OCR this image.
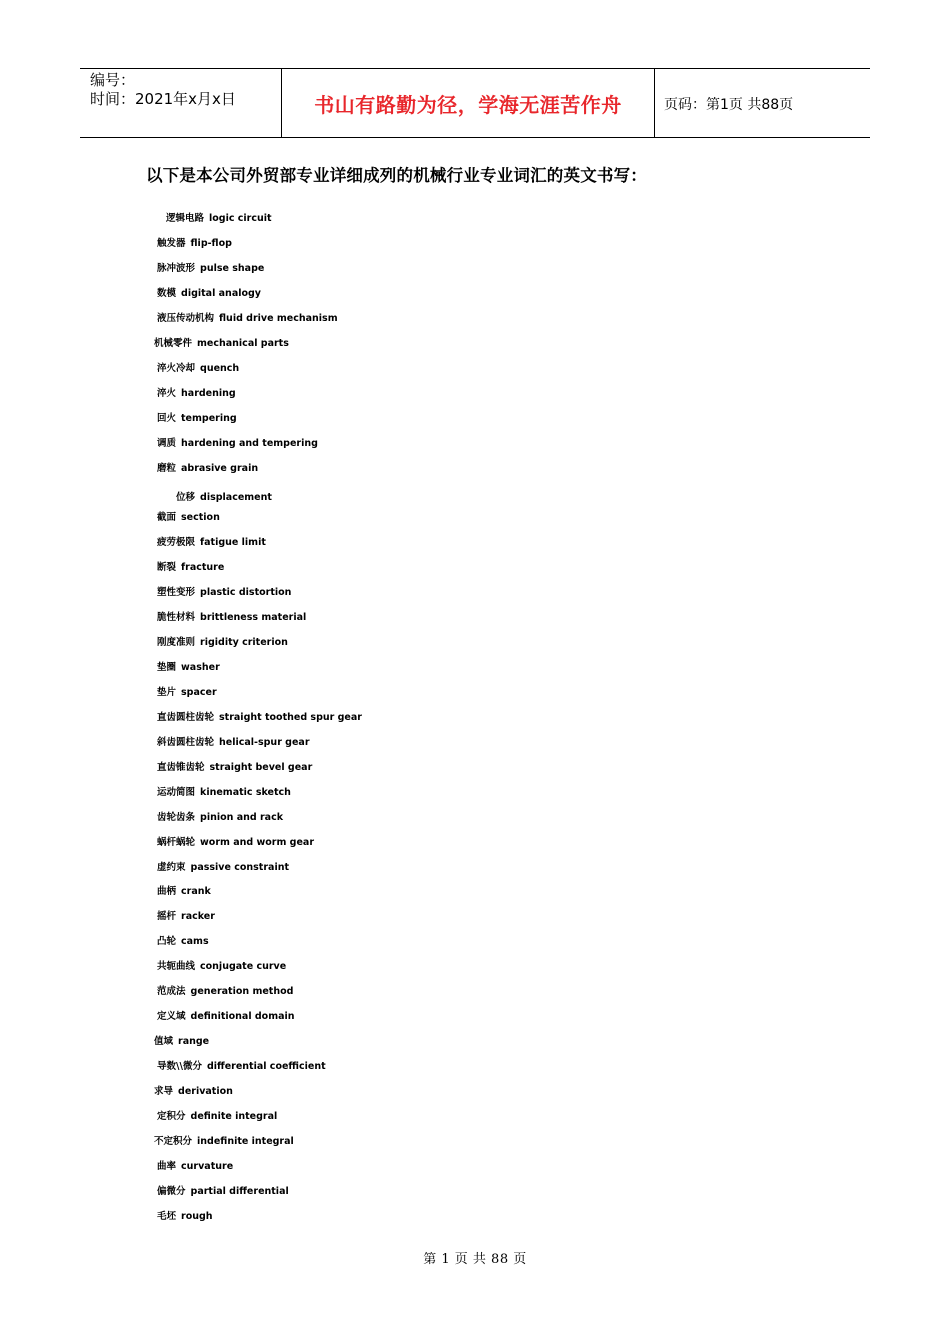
编号：
时间：2021年x月x日	书山有路勤为径，学海无涯苦作舟	页码：第1页 共88页
以下是本公司外贸部专业详细成列的机械行业专业词汇的英文书写：
逻辑电路 logic circuit
触发器 flip-flop
脉冲波形 pulse shape
数模 digital analogy
液压传动机构 fluid drive mechanism
机械零件 mechanical parts
淬火冷却 quench
淬火 hardening
回火 tempering
调质 hardening and tempering
磨粒 abrasive grain
位移 displacement
截面 section
疲劳极限 fatigue limit
断裂 fracture
塑性变形 plastic distortion
脆性材料 brittleness material
刚度准则 rigidity criterion
垫圈 washer
垫片 spacer
直齿圆柱齿轮 straight toothed spur gear
斜齿圆柱齿轮 helical-spur gear
直齿锥齿轮 straight bevel gear
运动简图 kinematic sketch
齿轮齿条 pinion and rack
蜗杆蜗轮 worm and worm gear
虚约束 passive constraint
曲柄 crank
摇杆 racker
凸轮 cams
共轭曲线 conjugate curve
范成法 generation method
定义域 definitional domain
值域 range
导数\\微分 differential coefficient
求导 derivation
定积分 definite integral
不定积分 indefinite integral
曲率 curvature
偏微分 partial differential
毛坯 rough
第 1 页 共 88 页
